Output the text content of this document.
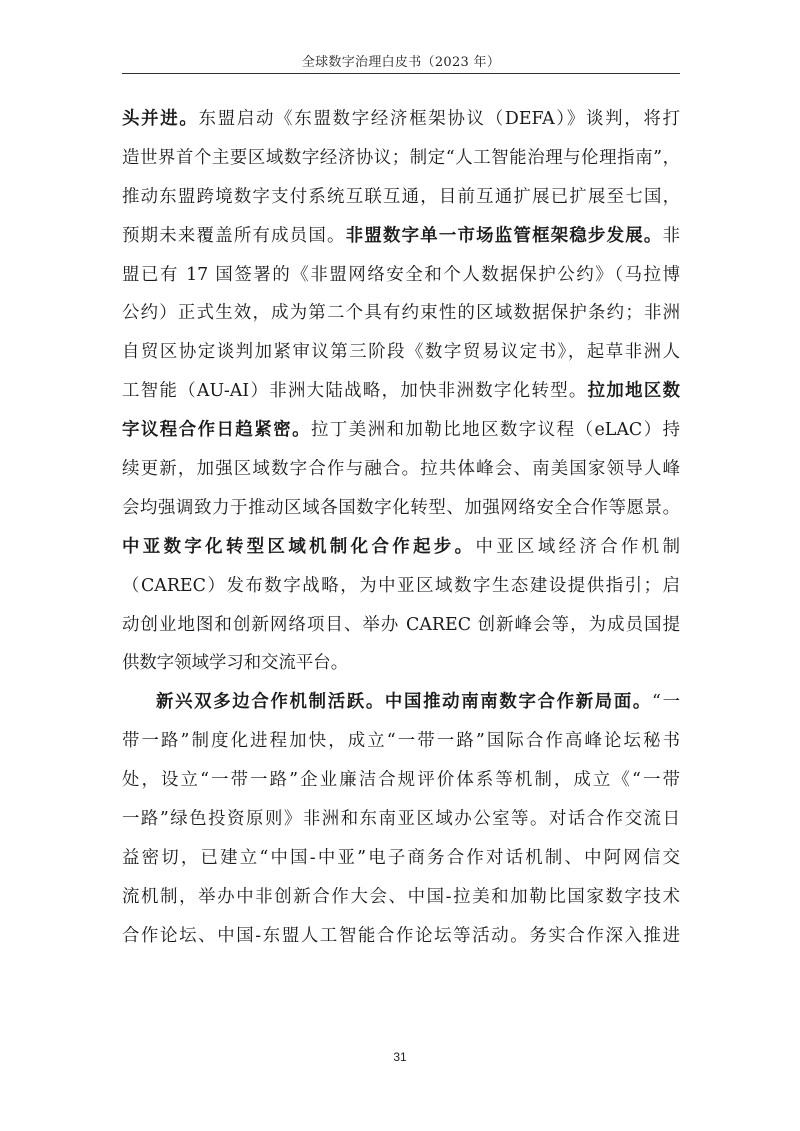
全球数字治理白皮书（2023 年）
头并进。东盟启动《东盟数字经济框架协议（DEFA）》谈判，将打
造世界首个主要区域数字经济协议；制定“人工智能治理与伦理指南”，
推动东盟跨境数字支付系统互联互通，目前互通扩展已扩展至七国，
预期未来覆盖所有成员国。非盟数字单一市场监管框架稳步发展。非
盟已有 17 国签署的《非盟网络安全和个人数据保护公约》（马拉博
公约）正式生效，成为第二个具有约束性的区域数据保护条约；非洲
自贸区协定谈判加紧审议第三阶段《数字贸易议定书》，起草非洲人
工智能（AU-AI）非洲大陆战略，加快非洲数字化转型。拉加地区数
字议程合作日趋紧密。拉丁美洲和加勒比地区数字议程（eLAC）持
续更新，加强区域数字合作与融合。拉共体峰会、南美国家领导人峰
会均强调致力于推动区域各国数字化转型、加强网络安全合作等愿景。
中亚数字化转型区域机制化合作起步。中亚区域经济合作机制
（CAREC）发布数字战略，为中亚区域数字生态建设提供指引；启
动创业地图和创新网络项目、举办 CAREC 创新峰会等，为成员国提
供数字领域学习和交流平台。
新兴双多边合作机制活跃。中国推动南南数字合作新局面。“一
带一路”制度化进程加快，成立“一带一路”国际合作高峰论坛秘书
处，设立“一带一路”企业廉洁合规评价体系等机制，成立《“一带
一路”绿色投资原则》非洲和东南亚区域办公室等。对话合作交流日
益密切，已建立“中国-中亚”电子商务合作对话机制、中阿网信交
流机制，举办中非创新合作大会、中国-拉美和加勒比国家数字技术
合作论坛、中国-东盟人工智能合作论坛等活动。务实合作深入推进
31
